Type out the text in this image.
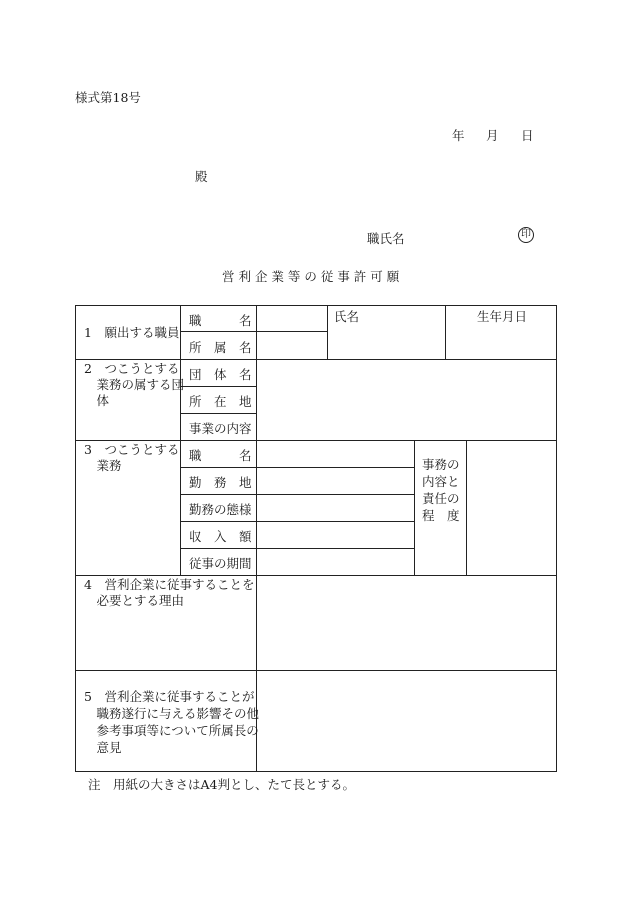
様式第18号
年 月 日
殿
職氏名	印
営 利 企 業 等 の 従 事 許 可 願
1　願出する職員
職　　　名
所　属　名
氏名	生年月日
2　つこうとする
　業務の属する団
　体
団　体　名
所　在　地
事業の内容
3　つこうとする
　業務
職　　　名
勤　務　地
勤務の態様
収　入　額
従事の期間
事務の
内容と
責任の
程　度
4　営利企業に従事することを
　必要とする理由
5　営利企業に従事することが
　職務遂行に与える影響その他
　参考事項等について所属長の
　意見
注　用紙の大きさはA4判とし、たて長とする。
